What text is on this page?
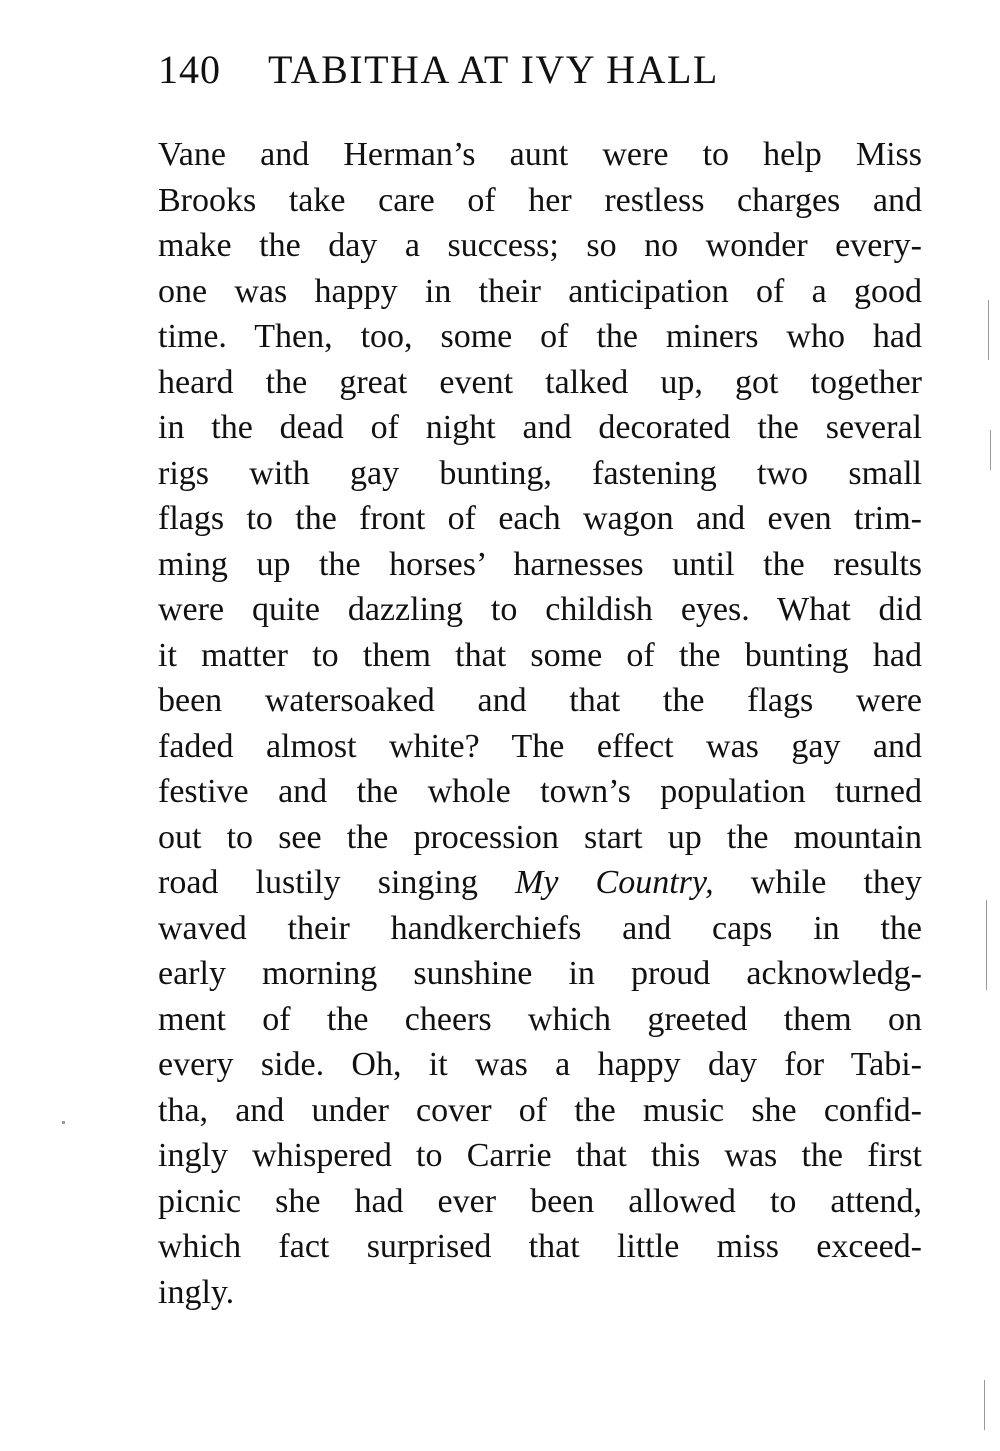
140 TABITHA AT IVY HALL
Vane and Herman’s aunt were to help Miss
Brooks take care of her restless charges and
make the day a success; so no wonder every-
one was happy in their anticipation of a good
time. Then, too, some of the miners who had
heard the great event talked up, got together
in the dead of night and decorated the several
rigs with gay bunting, fastening two small
flags to the front of each wagon and even trim-
ming up the horses’ harnesses until the results
were quite dazzling to childish eyes. What did
it matter to them that some of the bunting had
been watersoaked and that the flags were
faded almost white? The effect was gay and
festive and the whole town’s population turned
out to see the procession start up the mountain
road lustily singing My Country, while they
waved their handkerchiefs and caps in the
early morning sunshine in proud acknowledg-
ment of the cheers which greeted them on
every side. Oh, it was a happy day for Tabi-
tha, and under cover of the music she confid-
ingly whispered to Carrie that this was the first
picnic she had ever been allowed to attend,
which fact surprised that little miss exceed-
ingly.
